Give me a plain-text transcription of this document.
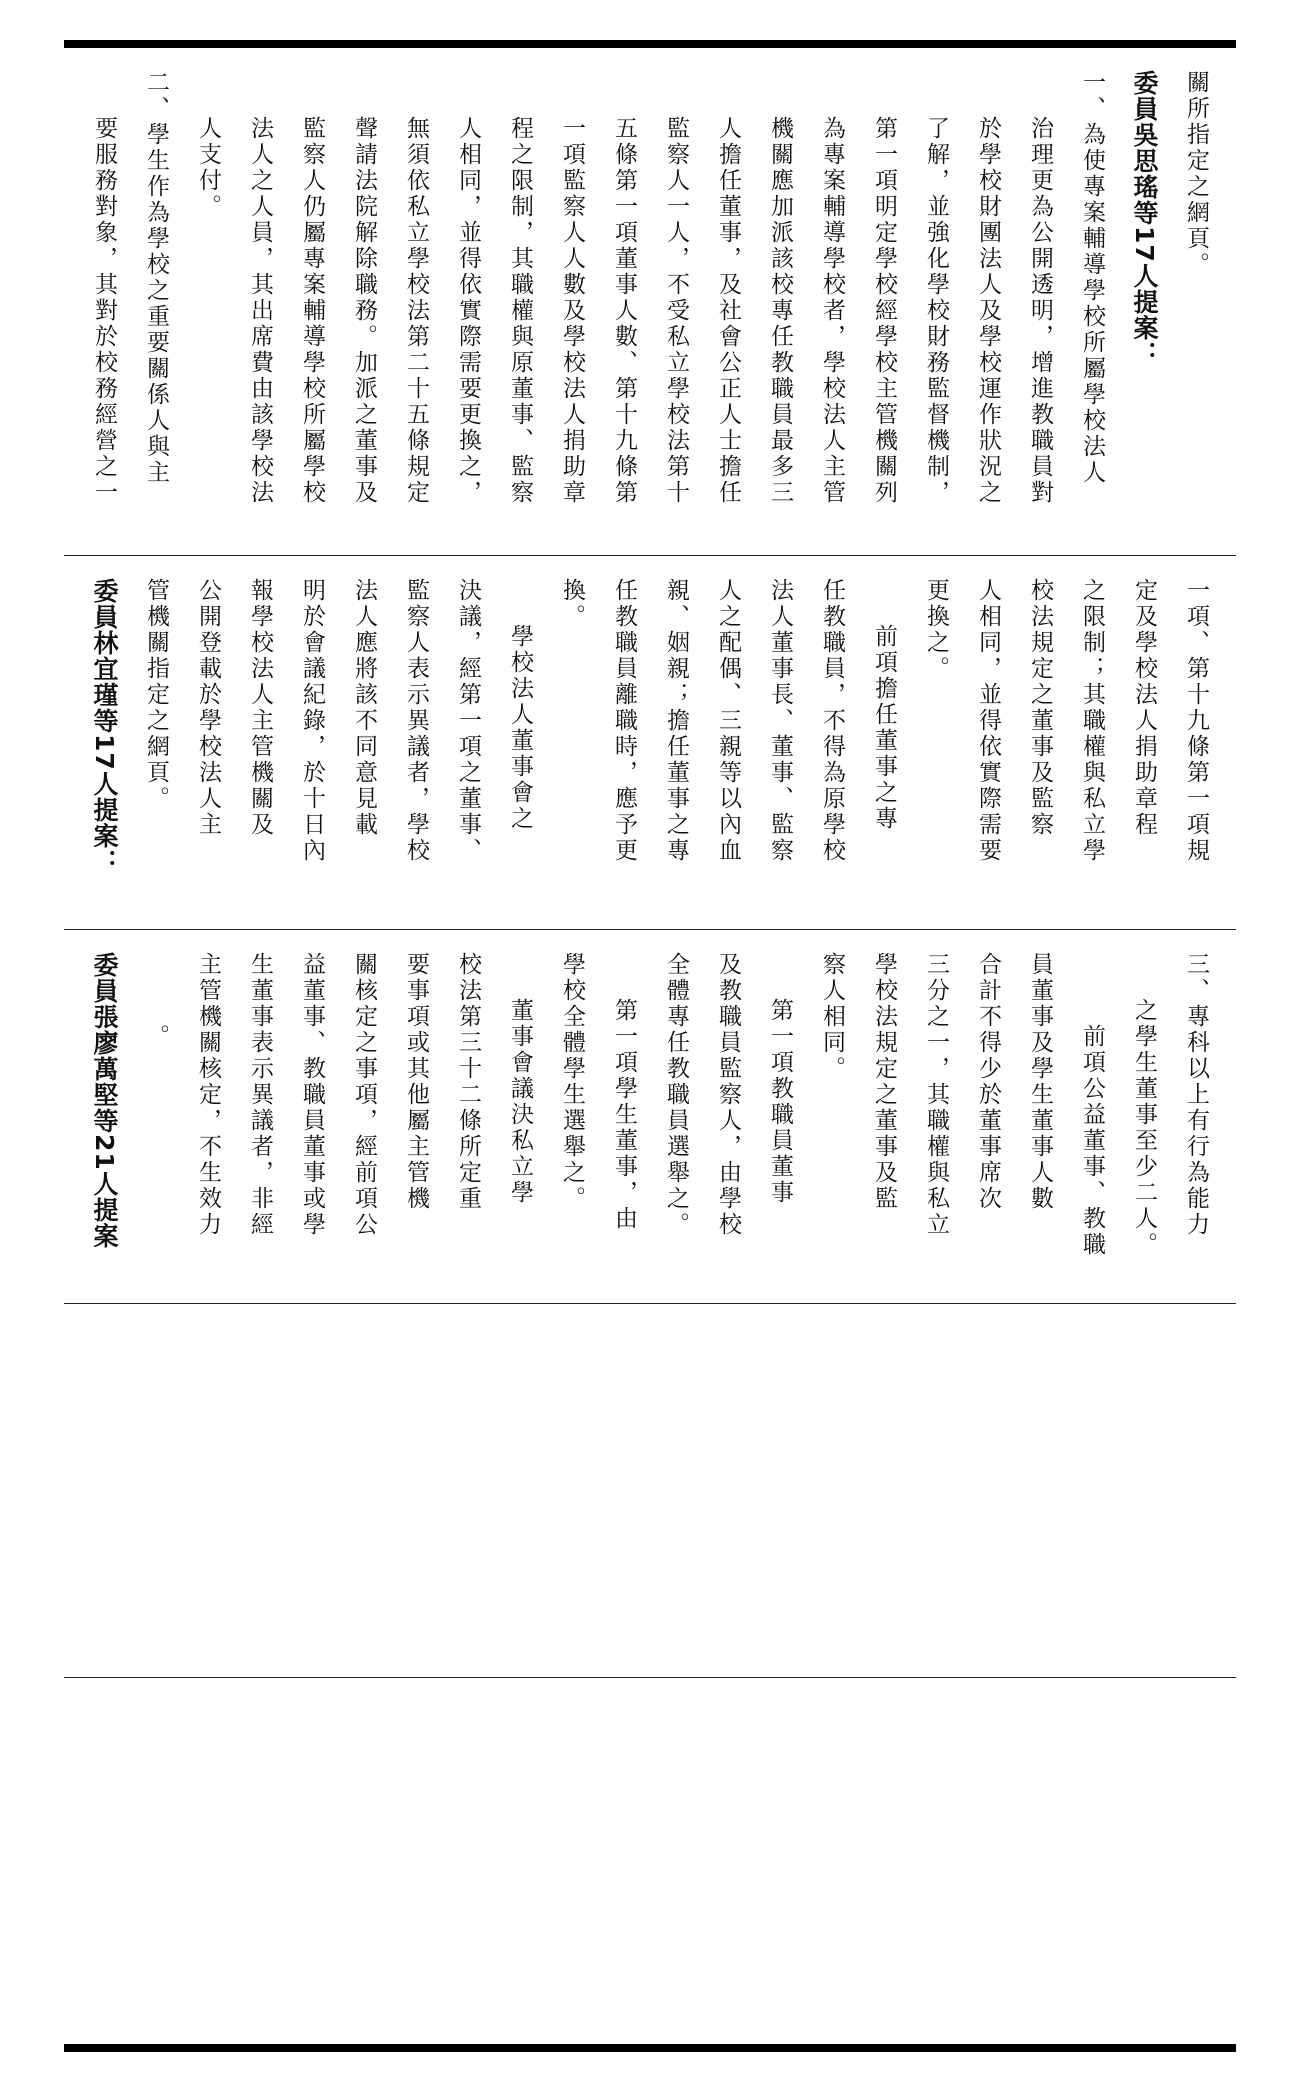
關所指定之網頁。
委員吳思瑤等17人提案：
一、為使專案輔導學校所屬學校法人
治理更為公開透明，增進教職員對
於學校財團法人及學校運作狀況之
了解，並強化學校財務監督機制，
第一項明定學校經學校主管機關列
為專案輔導學校者，學校法人主管
機關應加派該校專任教職員最多三
人擔任董事，及社會公正人士擔任
監察人一人，不受私立學校法第十
五條第一項董事人數、第十九條第
一項監察人人數及學校法人捐助章
程之限制，其職權與原董事、監察
人相同，並得依實際需要更換之，
無須依私立學校法第二十五條規定
聲請法院解除職務。加派之董事及
監察人仍屬專案輔導學校所屬學校
法人之人員，其出席費由該學校法
人支付。
二、學生作為學校之重要關係人與主
要服務對象，其對於校務經營之一
一項、第十九條第一項規
定及學校法人捐助章程
之限制；其職權與私立學
校法規定之董事及監察
人相同，並得依實際需要
更換之。
前項擔任董事之專
任教職員，不得為原學校
法人董事長、董事、監察
人之配偶、三親等以內血
親、姻親；擔任董事之專
任教職員離職時，應予更
換。
學校法人董事會之
決議，經第一項之董事、
監察人表示異議者，學校
法人應將該不同意見載
明於會議紀錄，於十日內
報學校法人主管機關及
公開登載於學校法人主
管機關指定之網頁。
委員林宜瑾等17人提案：
三、專科以上有行為能力
之學生董事至少二人。
前項公益董事、教職
員董事及學生董事人數
合計不得少於董事席次
三分之一，其職權與私立
學校法規定之董事及監
察人相同。
第一項教職員董事
及教職員監察人，由學校
全體專任教職員選舉之。
第一項學生董事，由
學校全體學生選舉之。
董事會議決私立學
校法第三十二條所定重
要事項或其他屬主管機
關核定之事項，經前項公
益董事、教職員董事或學
生董事表示異議者，非經
主管機關核定，不生效力
。
委員張廖萬堅等21人提案
